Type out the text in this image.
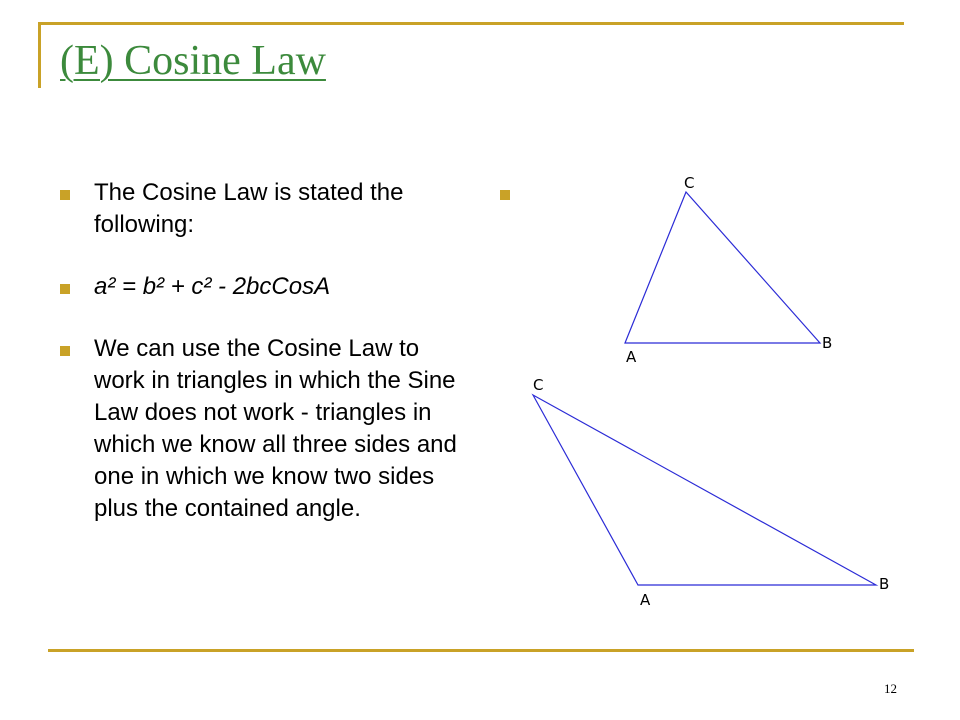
(E) Cosine Law
The Cosine Law is stated the following:
a² = b² + c² - 2bcCosA
We can use the Cosine Law to work in triangles in which the Sine Law does not work - triangles in which we know all three sides and one in which we know two sides plus the contained angle.
C
A
B
C
A
B
12
